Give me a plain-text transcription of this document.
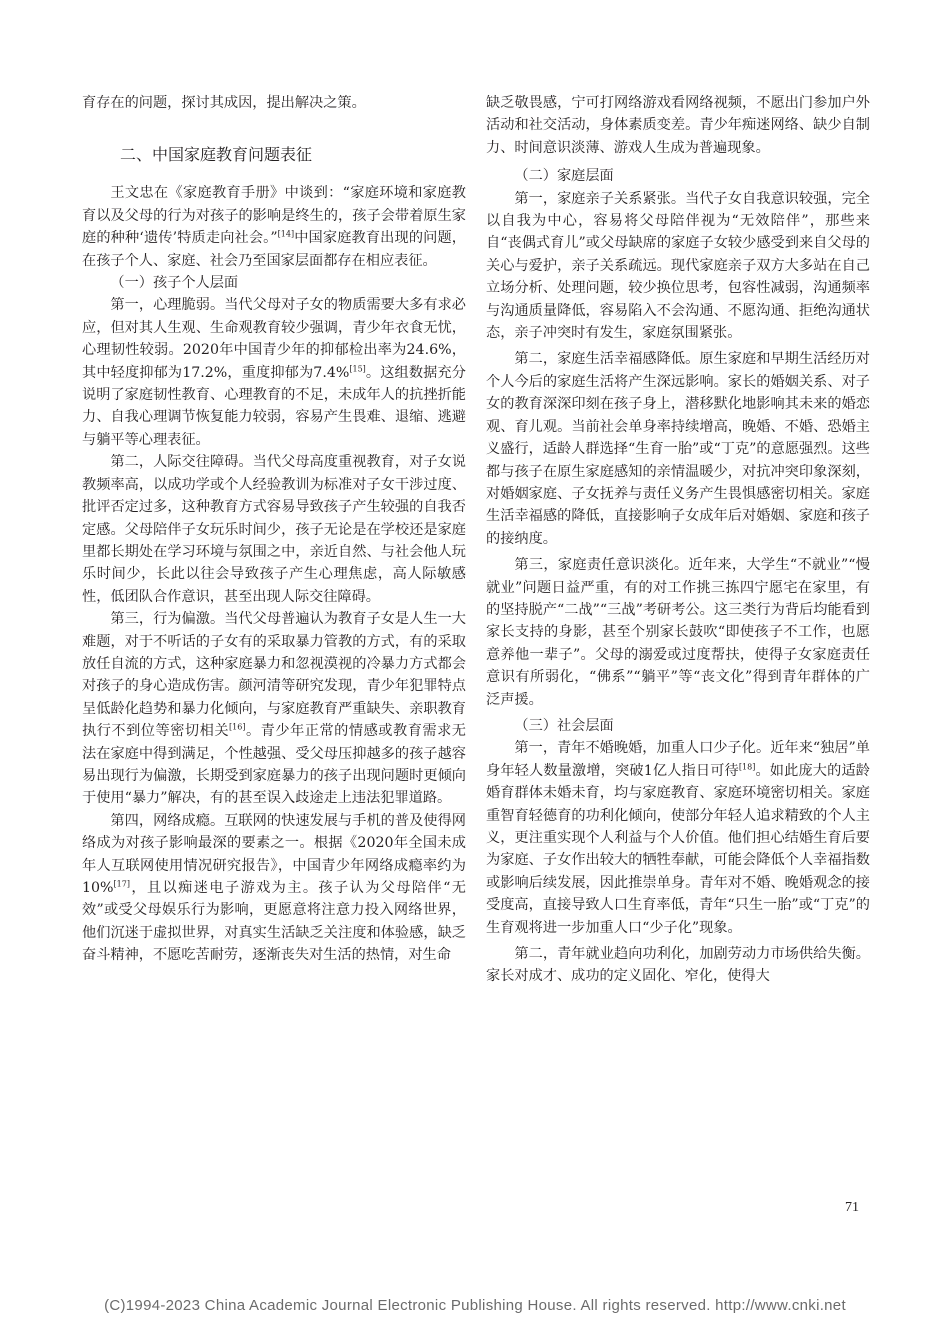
育存在的问题，探讨其成因，提出解决之策。

二、中国家庭教育问题表征

王文忠在《家庭教育手册》中谈到：“家庭环境和家庭教育以及父母的行为对孩子的影响是终生的，孩子会带着原生家庭的种种‘遗传’特质走向社会。”[14]中国家庭教育出现的问题，在孩子个人、家庭、社会乃至国家层面都存在相应表征。

（一）孩子个人层面

第一，心理脆弱。当代父母对子女的物质需要大多有求必应，但对其人生观、生命观教育较少强调，青少年衣食无忧，心理韧性较弱。2020年中国青少年的抑郁检出率为24.6%，其中轻度抑郁为17.2%，重度抑郁为7.4%[15]。这组数据充分说明了家庭韧性教育、心理教育的不足，未成年人的抗挫折能力、自我心理调节恢复能力较弱，容易产生畏难、退缩、逃避与躺平等心理表征。

第二，人际交往障碍。当代父母高度重视教育，对子女说教频率高，以成功学或个人经验教训为标准对子女干涉过度、批评否定过多，这种教育方式容易导致孩子产生较强的自我否定感。父母陪伴子女玩乐时间少，孩子无论是在学校还是家庭里都长期处在学习环境与氛围之中，亲近自然、与社会他人玩乐时间少，长此以往会导致孩子产生心理焦虑，高人际敏感性，低团队合作意识，甚至出现人际交往障碍。

第三，行为偏激。当代父母普遍认为教育子女是人生一大难题，对于不听话的子女有的采取暴力管教的方式，有的采取放任自流的方式，这种家庭暴力和忽视漠视的冷暴力方式都会对孩子的身心造成伤害。颜河清等研究发现，青少年犯罪特点呈低龄化趋势和暴力化倾向，与家庭教育严重缺失、亲职教育执行不到位等密切相关[16]。青少年正常的情感或教育需求无法在家庭中得到满足，个性越强、受父母压抑越多的孩子越容易出现行为偏激，长期受到家庭暴力的孩子出现问题时更倾向于使用“暴力”解决，有的甚至误入歧途走上违法犯罪道路。

第四，网络成瘾。互联网的快速发展与手机的普及使得网络成为对孩子影响最深的要素之一。根据《2020年全国未成年人互联网使用情况研究报告》，中国青少年网络成瘾率约为10%[17]，且以痴迷电子游戏为主。孩子认为父母陪伴“无效”或受父母娱乐行为影响，更愿意将注意力投入网络世界，他们沉迷于虚拟世界，对真实生活缺乏关注度和体验感，缺乏奋斗精神，不愿吃苦耐劳，逐渐丧失对生活的热情，对生命

缺乏敬畏感，宁可打网络游戏看网络视频，不愿出门参加户外活动和社交活动，身体素质变差。青少年痴迷网络、缺少自制力、时间意识淡薄、游戏人生成为普遍现象。

（二）家庭层面

第一，家庭亲子关系紧张。当代子女自我意识较强，完全以自我为中心，容易将父母陪伴视为“无效陪伴”，那些来自“丧偶式育儿”或父母缺席的家庭子女较少感受到来自父母的关心与爱护，亲子关系疏远。现代家庭亲子双方大多站在自己立场分析、处理问题，较少换位思考，包容性减弱，沟通频率与沟通质量降低，容易陷入不会沟通、不愿沟通、拒绝沟通状态，亲子冲突时有发生，家庭氛围紧张。

第二，家庭生活幸福感降低。原生家庭和早期生活经历对个人今后的家庭生活将产生深远影响。家长的婚姻关系、对子女的教育深深印刻在孩子身上，潜移默化地影响其未来的婚恋观、育儿观。当前社会单身率持续增高，晚婚、不婚、恐婚主义盛行，适龄人群选择“生育一胎”或“丁克”的意愿强烈。这些都与孩子在原生家庭感知的亲情温暖少，对抗冲突印象深刻，对婚姻家庭、子女抚养与责任义务产生畏惧感密切相关。家庭生活幸福感的降低，直接影响子女成年后对婚姻、家庭和孩子的接纳度。

第三，家庭责任意识淡化。近年来，大学生“不就业”“慢就业”问题日益严重，有的对工作挑三拣四宁愿宅在家里，有的坚持脱产“二战”“三战”考研考公。这三类行为背后均能看到家长支持的身影，甚至个别家长鼓吹“即使孩子不工作，也愿意养他一辈子”。父母的溺爱或过度帮扶，使得子女家庭责任意识有所弱化，“佛系”“躺平”等“丧文化”得到青年群体的广泛声援。

（三）社会层面

第一，青年不婚晚婚，加重人口少子化。近年来“独居”单身年轻人数量激增，突破1亿人指日可待[18]。如此庞大的适龄婚育群体未婚未育，均与家庭教育、家庭环境密切相关。家庭重智育轻德育的功利化倾向，使部分年轻人追求精致的个人主义，更注重实现个人利益与个人价值。他们担心结婚生育后要为家庭、子女作出较大的牺牲奉献，可能会降低个人幸福指数或影响后续发展，因此推崇单身。青年对不婚、晚婚观念的接受度高，直接导致人口生育率低，青年“只生一胎”或“丁克”的生育观将进一步加重人口“少子化”现象。

第二，青年就业趋向功利化，加剧劳动力市场供给失衡。家长对成才、成功的定义固化、窄化，使得大

71
(C)1994-2023 China Academic Journal Electronic Publishing House. All rights reserved. http://www.cnki.net
